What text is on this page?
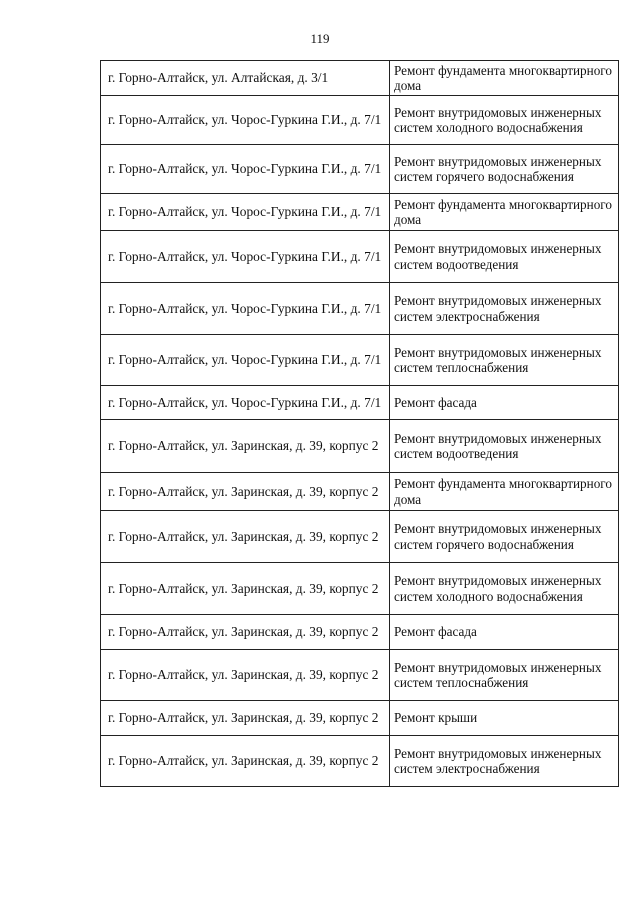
119
г. Горно-Алтайск, ул. Алтайская, д. 3/1	Ремонт фундамента многоквартирного дома
г. Горно-Алтайск, ул. Чорос-Гуркина Г.И., д. 7/1	Ремонт внутридомовых инженерных систем холодного водоснабжения
г. Горно-Алтайск, ул. Чорос-Гуркина Г.И., д. 7/1	Ремонт внутридомовых инженерных систем горячего водоснабжения
г. Горно-Алтайск, ул. Чорос-Гуркина Г.И., д. 7/1	Ремонт фундамента многоквартирного дома
г. Горно-Алтайск, ул. Чорос-Гуркина Г.И., д. 7/1	Ремонт внутридомовых инженерных систем водоотведения
г. Горно-Алтайск, ул. Чорос-Гуркина Г.И., д. 7/1	Ремонт внутридомовых инженерных систем электроснабжения
г. Горно-Алтайск, ул. Чорос-Гуркина Г.И., д. 7/1	Ремонт внутридомовых инженерных систем теплоснабжения
г. Горно-Алтайск, ул. Чорос-Гуркина Г.И., д. 7/1	Ремонт фасада
г. Горно-Алтайск, ул. Заринская, д. 39, корпус 2	Ремонт внутридомовых инженерных систем водоотведения
г. Горно-Алтайск, ул. Заринская, д. 39, корпус 2	Ремонт фундамента многоквартирного дома
г. Горно-Алтайск, ул. Заринская, д. 39, корпус 2	Ремонт внутридомовых инженерных систем горячего водоснабжения
г. Горно-Алтайск, ул. Заринская, д. 39, корпус 2	Ремонт внутридомовых инженерных систем холодного водоснабжения
г. Горно-Алтайск, ул. Заринская, д. 39, корпус 2	Ремонт фасада
г. Горно-Алтайск, ул. Заринская, д. 39, корпус 2	Ремонт внутридомовых инженерных систем теплоснабжения
г. Горно-Алтайск, ул. Заринская, д. 39, корпус 2	Ремонт крыши
г. Горно-Алтайск, ул. Заринская, д. 39, корпус 2	Ремонт внутридомовых инженерных систем электроснабжения
